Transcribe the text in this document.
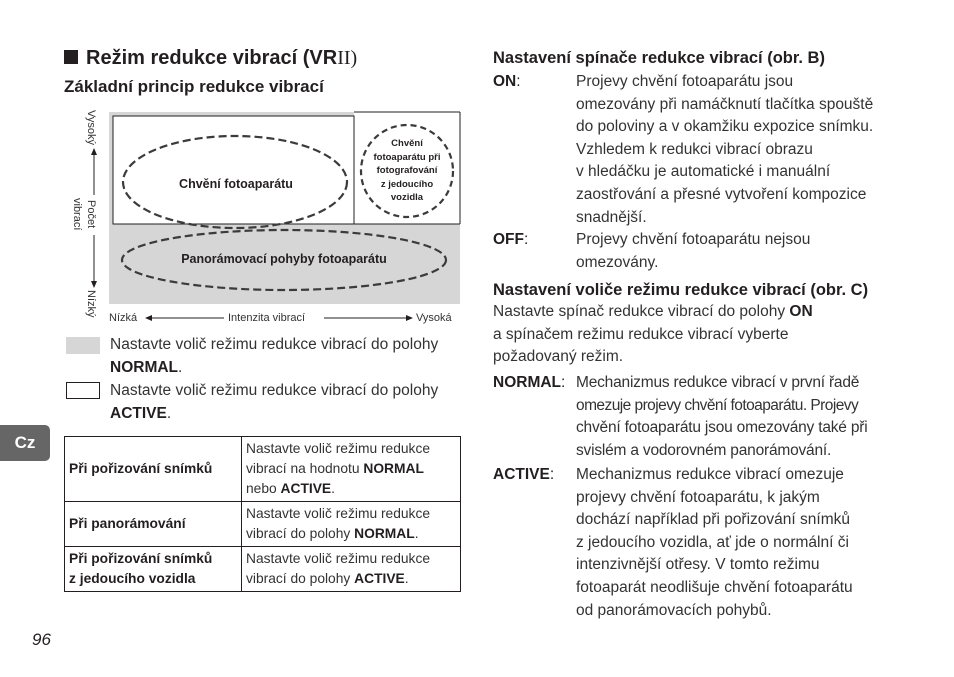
Režim redukce vibrací (VRII)
Základní princip redukce vibrací
Chvění fotoaparátu
Panorámovací pohyby fotoaparátu
Chvění
fotoaparátu při
fotografování
z jedoucího
vozidla
Vysoký
Počet
vibrací
Nízký
Nízká	Intenzita vibrací	Vysoká
Nastavte volič režimu redukce vibrací do polohy
NORMAL.
Nastavte volič režimu redukce vibrací do polohy
ACTIVE.
Při pořizování snímků	Nastavte volič režimu redukce
vibrací na hodnotu NORMAL
nebo ACTIVE.
Při panorámování	Nastavte volič režimu redukce
vibrací do polohy NORMAL.
Při pořizování snímků
z jedoucího vozidla	Nastavte volič režimu redukce
vibrací do polohy ACTIVE.
Cz
96
Nastavení spínače redukce vibrací (obr. B)
ON:	Projevy chvění fotoaparátu jsou
omezovány při namáčknutí tlačítka spouště
do poloviny a v okamžiku expozice snímku.
Vzhledem k redukci vibrací obrazu
v hledáčku je automatické i manuální
zaostřování a přesné vytvoření kompozice
snadnější.
OFF:	Projevy chvění fotoaparátu nejsou
omezovány.
Nastavení voliče režimu redukce vibrací (obr. C)
Nastavte spínač redukce vibrací do polohy ON
a spínačem režimu redukce vibrací vyberte
požadovaný režim.
NORMAL: Mechanizmus redukce vibrací v první řadě
omezuje projevy chvění fotoaparátu. Projevy
chvění fotoaparátu jsou omezovány také při
svislém a vodorovném panorámování.
ACTIVE: Mechanizmus redukce vibrací omezuje
projevy chvění fotoaparátu, k jakým
dochází například při pořizování snímků
z jedoucího vozidla, ať jde o normální či
intenzivnější otřesy. V tomto režimu
fotoaparát neodlišuje chvění fotoaparátu
od panorámovacích pohybů.
